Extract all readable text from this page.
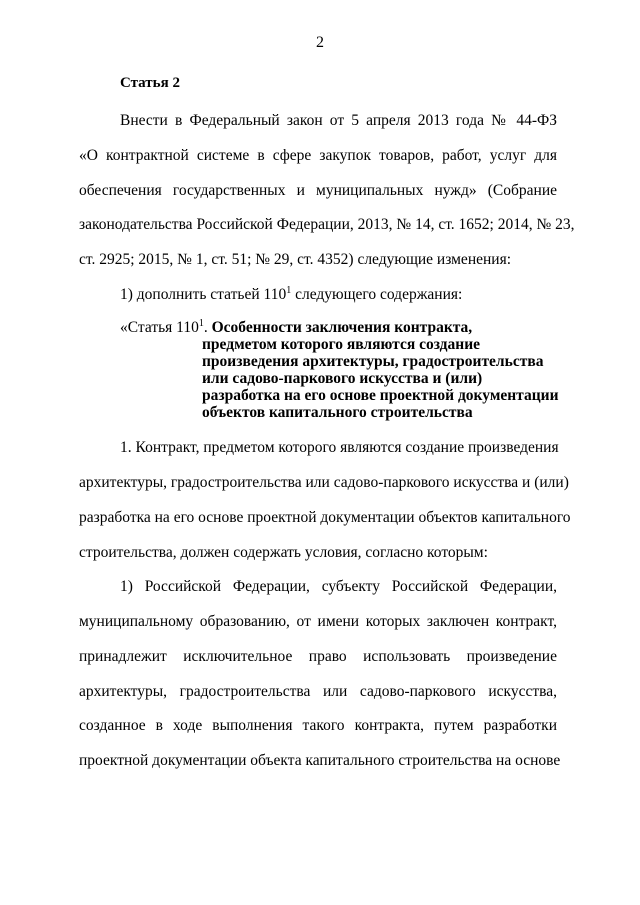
2
Статья 2
Внести в Федеральный закон от 5 апреля 2013 года № 44-ФЗ
«О контрактной системе в сфере закупок товаров, работ, услуг для
обеспечения государственных и муниципальных нужд» (Собрание
законодательства Российской Федерации, 2013, № 14, ст. 1652; 2014, № 23,
ст. 2925; 2015, № 1, ст. 51; № 29, ст. 4352) следующие изменения:
1) дополнить статьей $110^1$ следующего содержания:
«Статья $110^1$. Особенности заключения контракта,
предметом которого являются создание
произведения архитектуры, градостроительства
или садово-паркового искусства и (или)
разработка на его основе проектной документации
объектов капитального строительства
1. Контракт, предметом которого являются создание произведения
архитектуры, градостроительства или садово-паркового искусства и (или)
разработка на его основе проектной документации объектов капитального
строительства, должен содержать условия, согласно которым:
1) Российской Федерации, субъекту Российской Федерации,
муниципальному образованию, от имени которых заключен контракт,
принадлежит исключительное право использовать произведение
архитектуры, градостроительства или садово-паркового искусства,
созданное в ходе выполнения такого контракта, путем разработки
проектной документации объекта капитального строительства на основе
